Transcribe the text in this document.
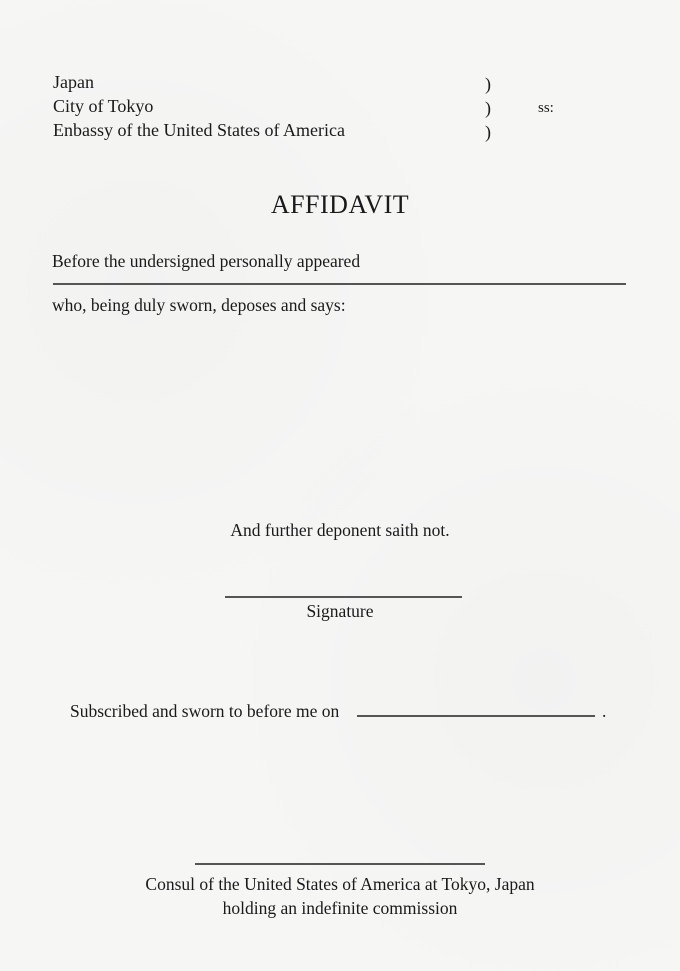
Japan
City of Tokyo
Enbassy of the United States of America
)
)
)
ss:
AFFIDAVIT
Before the undersigned personally appeared
who, being duly sworn, deposes and says:
And further deponent saith not.
Signature
Subscribed and sworn to before me on	.
Consul of the United States of America at Tokyo, Japan
holding an indefinite commission
